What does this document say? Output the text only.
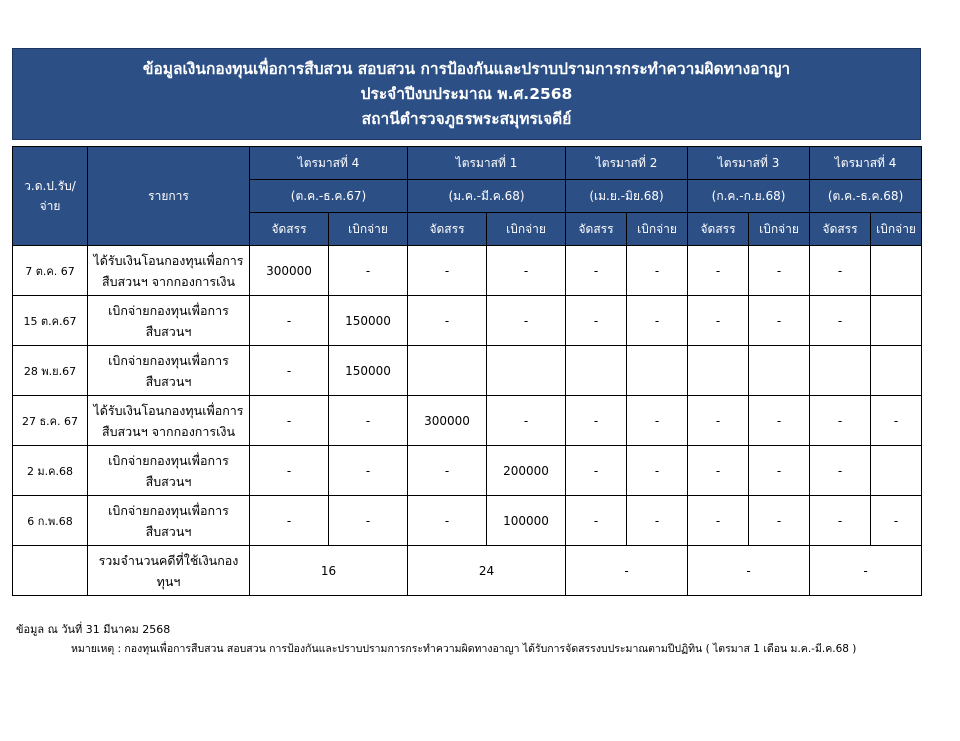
ข้อมูลเงินกองทุนเพื่อการสืบสวน สอบสวน การป้องกันและปราบปรามการกระทำความผิดทางอาญา
ประจำปีงบประมาณ พ.ศ.2568
สถานีตำรวจภูธรพระสมุทรเจดีย์
ว.ด.ป.รับ/ จ่าย	รายการ	ไตรมาสที่ 4		ไตรมาสที่ 1		ไตรมาสที่ 2		ไตรมาสที่ 3		ไตรมาสที่ 4	
		(ต.ค.-ธ.ค.67)		(ม.ค.-มี.ค.68)		(เม.ย.-มิย.68)		(ก.ค.-ก.ย.68)		(ต.ค.-ธ.ค.68)	
		จัดสรร	เบิกจ่าย	จัดสรร	เบิกจ่าย	จัดสรร	เบิกจ่าย	จัดสรร	เบิกจ่าย	จัดสรร	เบิกจ่าย
7 ต.ค. 67	ได้รับเงินโอนกองทุนเพื่อการ
สืบสวนฯ จากกองการเงิน	300000	-	-	-	-	-	-	-	-	
15 ต.ค.67	เบิกจ่ายกองทุนเพื่อการ
สืบสวนฯ	-	150000	-	-	-	-	-	-	-	
28 พ.ย.67	เบิกจ่ายกองทุนเพื่อการ
สืบสวนฯ	-	150000								
27 ธ.ค. 67	ได้รับเงินโอนกองทุนเพื่อการ
สืบสวนฯ จากกองการเงิน	-	-	300000	-	-	-	-	-	-	-
2 ม.ค.68	เบิกจ่ายกองทุนเพื่อการ
สืบสวนฯ	-	-	-	200000	-	-	-	-	-	
6 ก.พ.68	เบิกจ่ายกองทุนเพื่อการ
สืบสวนฯ	-	-	-	100000	-	-	-	-	-	-
	รวมจำนวนคดีที่ใช้เงินกองทุนฯ	16		24		-		-		-	
ข้อมูล ณ วันที่ 31 มีนาคม 2568
หมายเหตุ : กองทุนเพื่อการสืบสวน สอบสวน การป้องกันและปราบปรามการกระทำความผิดทางอาญา ได้รับการจัดสรรงบประมาณตามปีปฏิทิน ( ไตรมาส 1 เดือน ม.ค.-มี.ค.68 )
